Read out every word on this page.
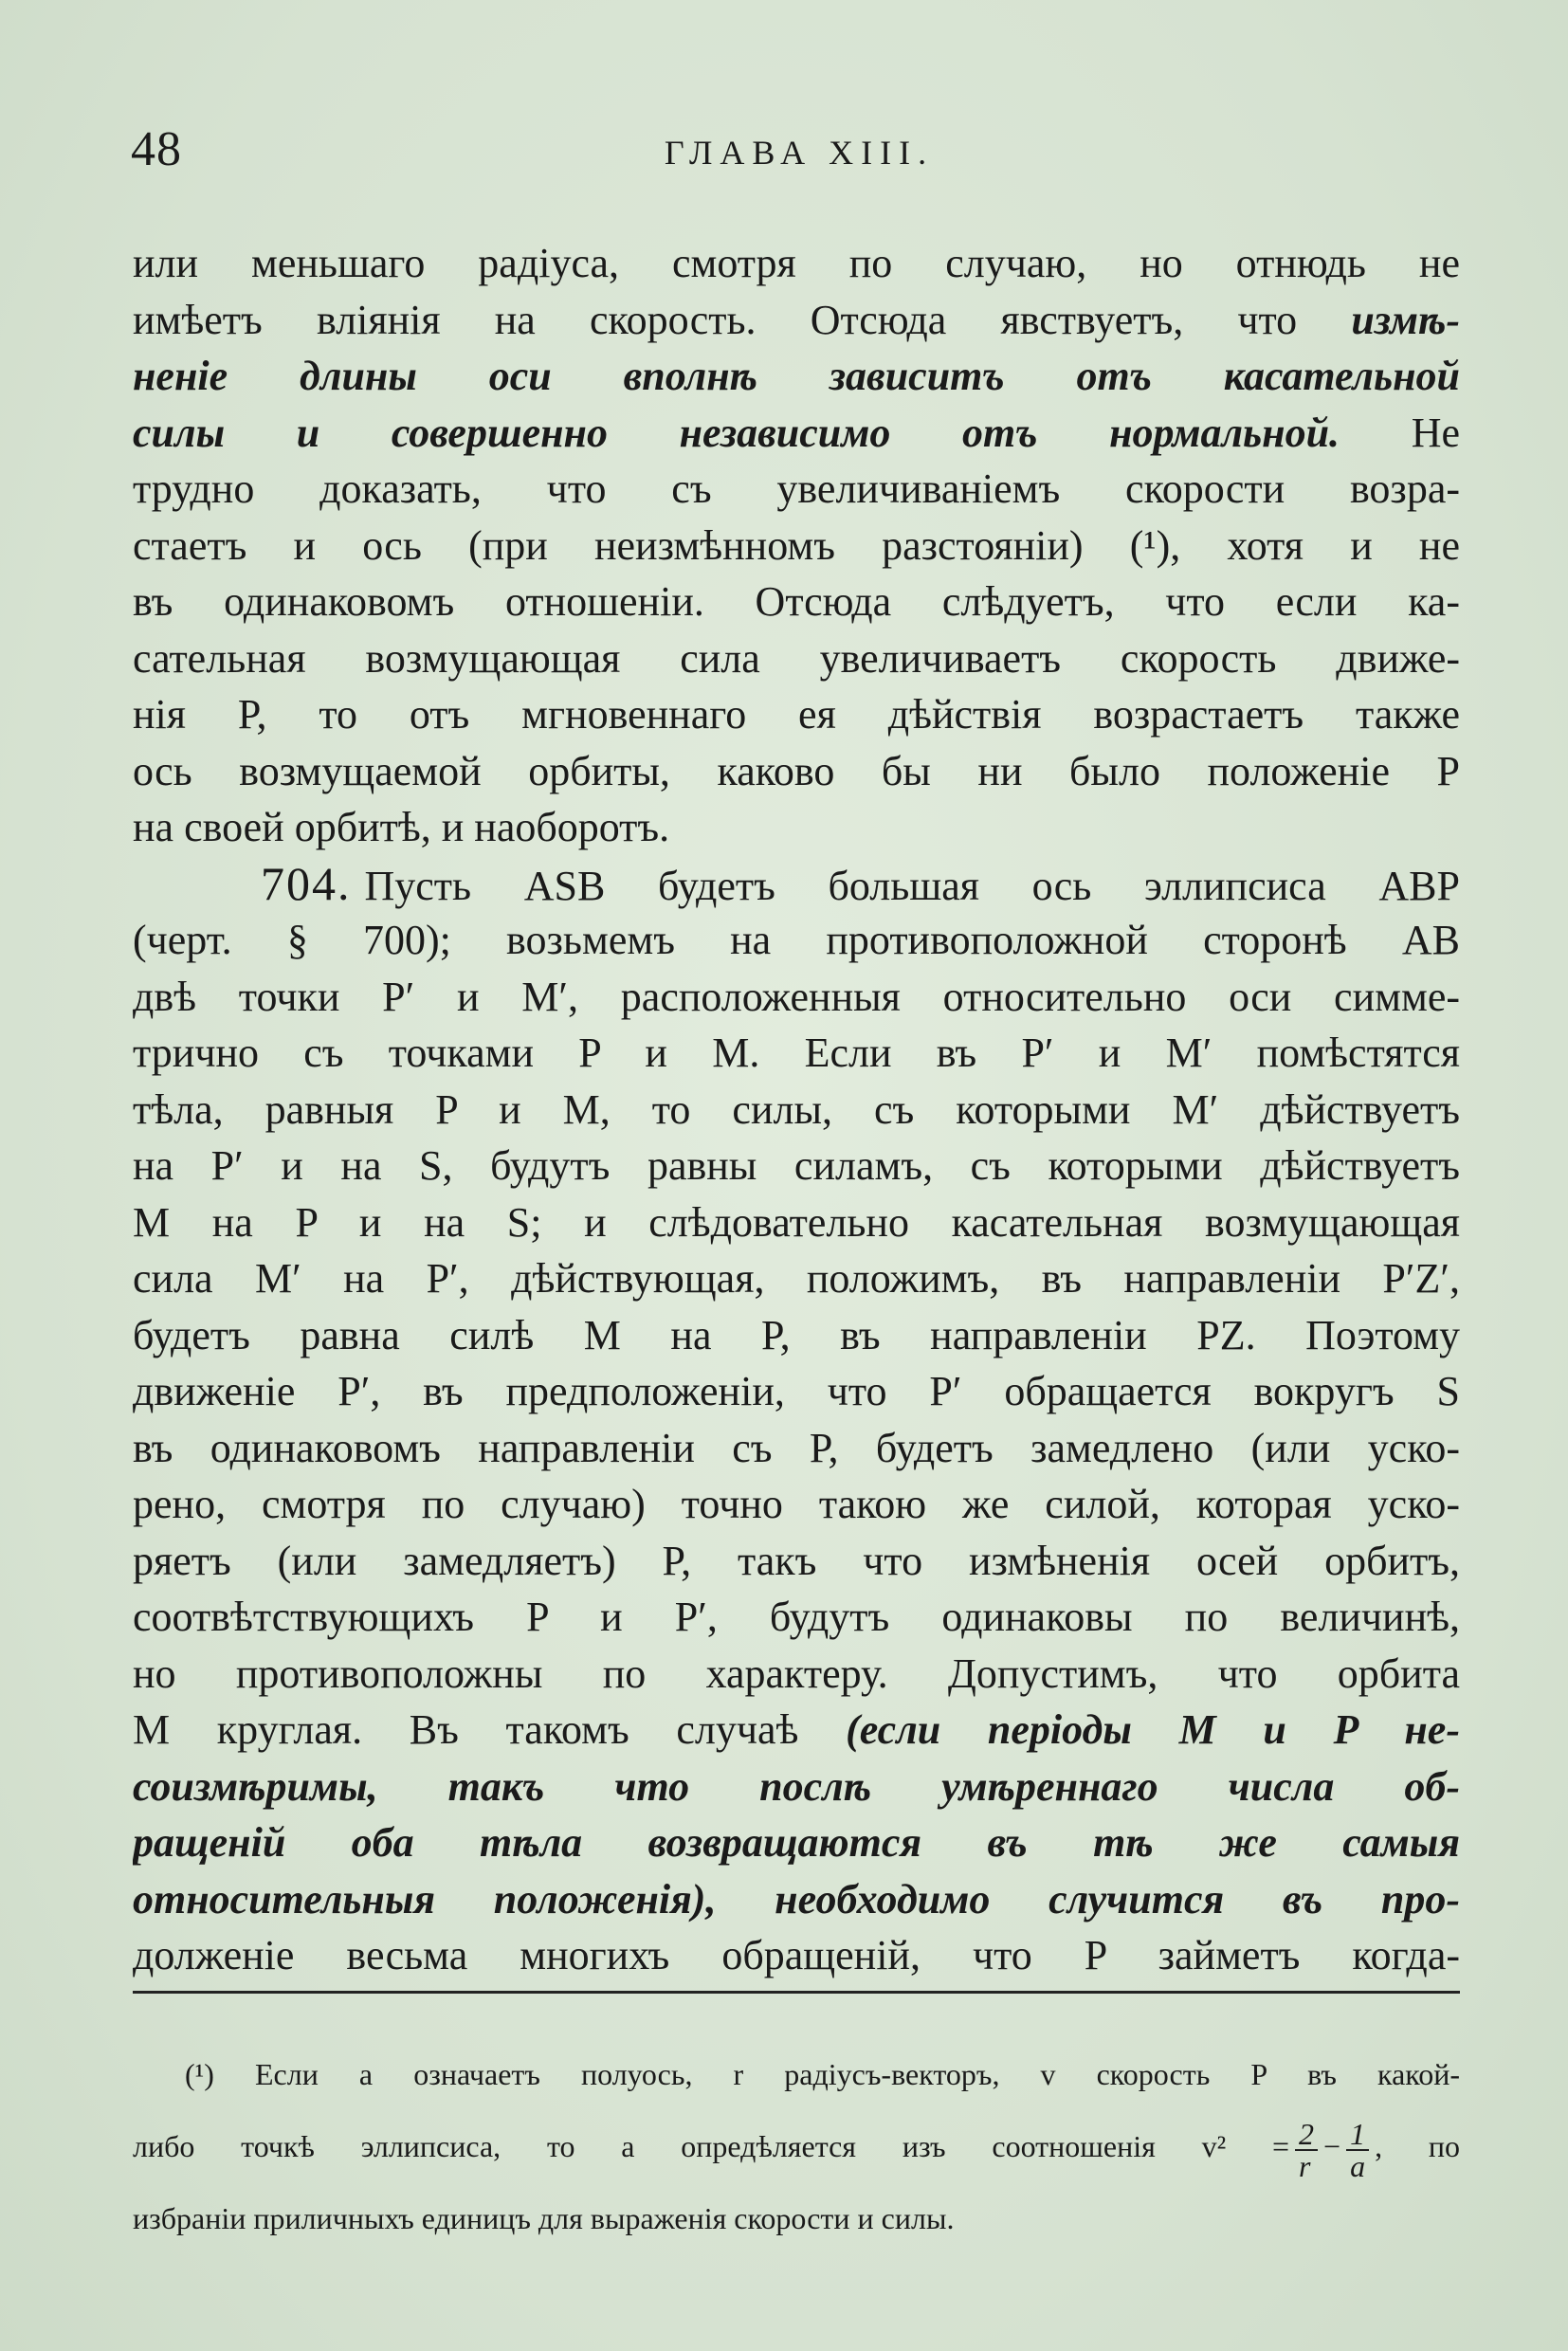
48	ГЛАВА XIII.
или меньшаго радіуса, смотря по случаю, но отнюдь не
имѣетъ вліянія на скорость. Отсюда явствуетъ, что измѣ-
неніе длины оси вполнѣ зависитъ отъ касательной
силы и совершенно независимо отъ нормальной. Не
трудно доказать, что съ увеличиваніемъ скорости возра-
стаетъ и ось (при неизмѣнномъ разстояніи) (¹), хотя и не
въ одинаковомъ отношеніи. Отсюда слѣдуетъ, что если ка-
сательная возмущающая сила увеличиваетъ скорость движе-
нія P, то отъ мгновеннаго ея дѣйствія возрастаетъ также
ось возмущаемой орбиты, каково бы ни было положеніе P
на своей орбитѣ, и наоборотъ.
704. Пусть ASB будетъ большая ось эллипсиса ABP
(черт. § 700); возьмемъ на противоположной сторонѣ AB
двѣ точки P′ и M′, расположенныя относительно оси симме-
трично съ точками P и M. Если въ P′ и M′ помѣстятся
тѣла, равныя P и M, то силы, съ которыми M′ дѣйствуетъ
на P′ и на S, будутъ равны силамъ, съ которыми дѣйствуетъ
M на P и на S; и слѣдовательно касательная возмущающая
сила M′ на P′, дѣйствующая, положимъ, въ направленіи P′Z′,
будетъ равна силѣ M на P, въ направленіи PZ. Поэтому
движеніе P′, въ предположеніи, что P′ обращается вокругъ S
въ одинаковомъ направленіи съ P, будетъ замедлено (или уско-
рено, смотря по случаю) точно такою же силой, которая уско-
ряетъ (или замедляетъ) P, такъ что измѣненія осей орбитъ,
соотвѣтствующихъ P и P′, будутъ одинаковы по величинѣ,
но противоположны по характеру. Допустимъ, что орбита
M круглая. Въ такомъ случаѣ (если періоды M и P не-
соизмѣримы, такъ что послѣ умѣреннаго числа об-
ращеній оба тѣла возвращаются въ тѣ же самыя
относительныя положенія), необходимо случится въ про-
долженіе весьма многихъ обращеній, что P займетъ когда-
(¹) Если a означаетъ полуось, r радіусъ-векторъ, v скорость P въ какой-
либо точкѣ эллипсиса, то a опредѣляется изъ соотношенія $v^2 = \frac{2}{r} - \frac{1}{a}$ , по
избраніи приличныхъ единицъ для выраженія скорости и силы.
